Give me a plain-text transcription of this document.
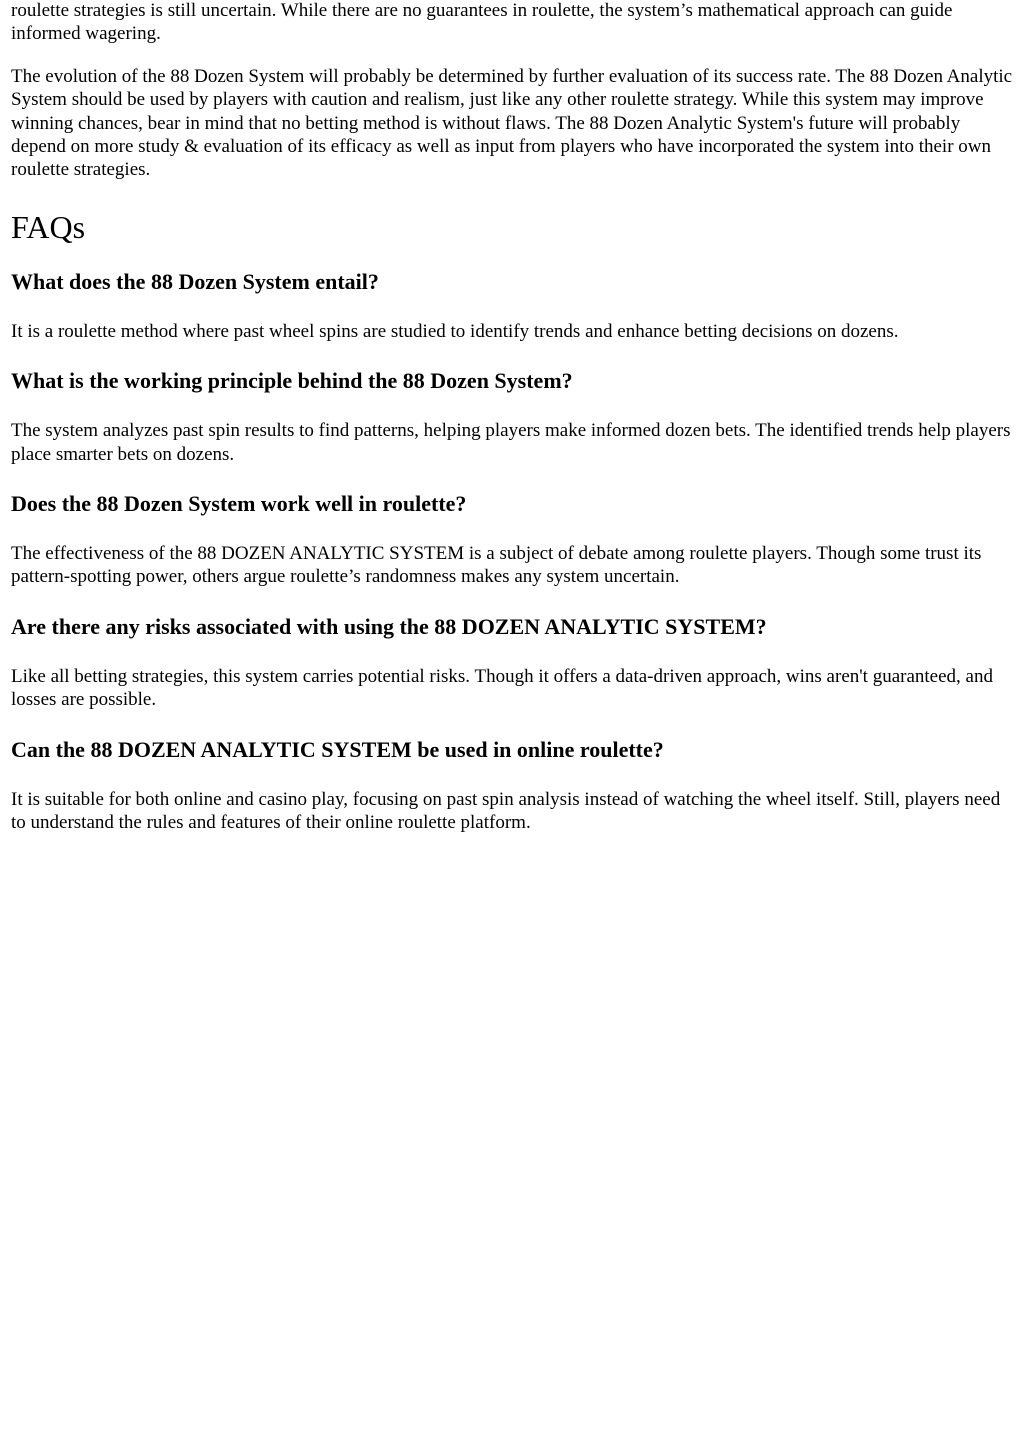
roulette strategies is still uncertain. While there are no guarantees in roulette, the system’s mathematical approach can guide informed wagering.

The evolution of the 88 Dozen System will probably be determined by further evaluation of its success rate. The 88 Dozen Analytic System should be used by players with caution and realism, just like any other roulette strategy. While this system may improve winning chances, bear in mind that no betting method is without flaws. The 88 Dozen Analytic System's future will probably depend on more study & evaluation of its efficacy as well as input from players who have incorporated the system into their own roulette strategies.

FAQs
What does the 88 Dozen System entail?

It is a roulette method where past wheel spins are studied to identify trends and enhance betting decisions on dozens.

What is the working principle behind the 88 Dozen System?

The system analyzes past spin results to find patterns, helping players make informed dozen bets. The identified trends help players place smarter bets on dozens.

Does the 88 Dozen System work well in roulette?

The effectiveness of the 88 DOZEN ANALYTIC SYSTEM is a subject of debate among roulette players. Though some trust its pattern-spotting power, others argue roulette’s randomness makes any system uncertain.

Are there any risks associated with using the 88 DOZEN ANALYTIC SYSTEM?

Like all betting strategies, this system carries potential risks. Though it offers a data-driven approach, wins aren't guaranteed, and losses are possible.

Can the 88 DOZEN ANALYTIC SYSTEM be used in online roulette?

It is suitable for both online and casino play, focusing on past spin analysis instead of watching the wheel itself. Still, players need to understand the rules and features of their online roulette platform.
